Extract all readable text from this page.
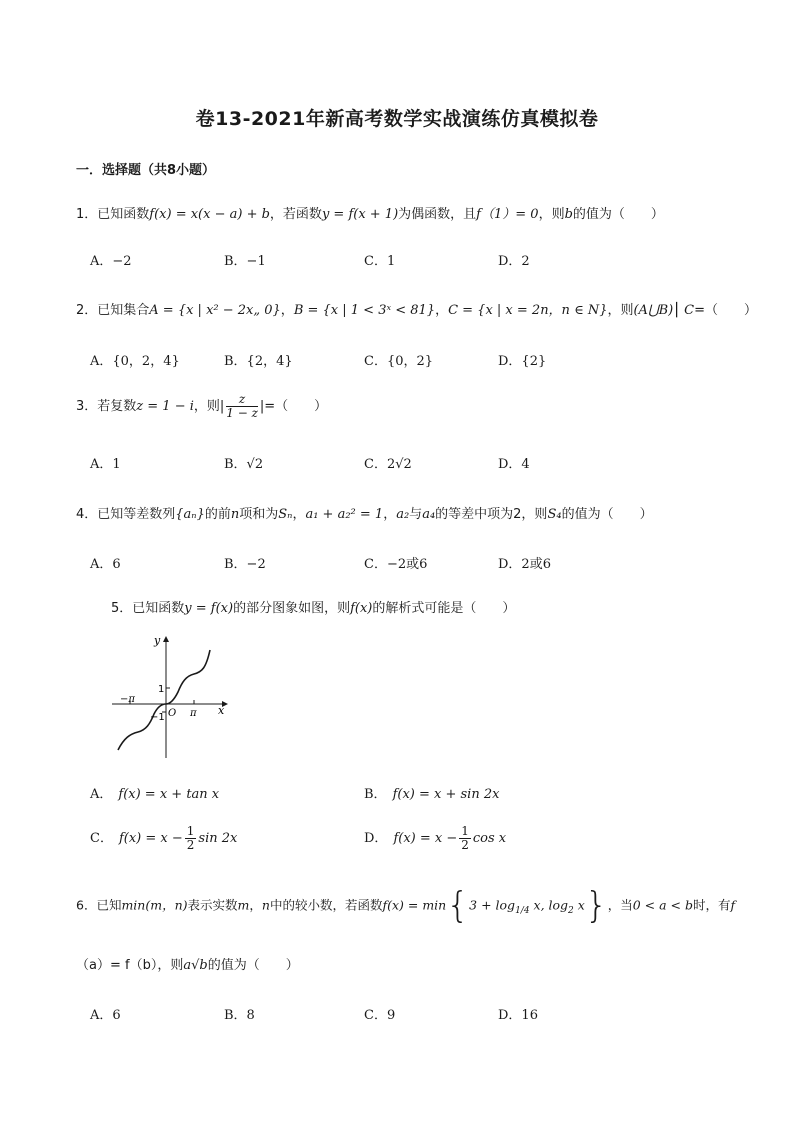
卷13-2021年新高考数学实战演练仿真模拟卷
一．选择题（共8小题）
1．已知函数f(x) = x(x − a) + b，若函数y = f(x + 1)为偶函数，且f（1）= 0，则b的值为（　　）
A．−2	B．−1	C．1	D．2
2．已知集合A = {x | x² − 2x„ 0}，B = {x | 1 < 3ˣ < 81}，C = {x | x = 2n，n ∈ N}，则(A⋃B)⎮ C=（　　）
A．{0，2，4}	B．{2，4}	C．{0，2}	D．{2}
3．若复数z = 1 − i，则| $\frac{z}{1 - z}$ |=（　　）
A．1	B．√2	C．2√2	D．4
4．已知等差数列{aₙ}的前n项和为Sₙ，a₁ + a₂² = 1，a₂与a₄的等差中项为2，则S₄的值为（　　）
A．6	B．−2	C．−2或6	D．2或6
5．已知函数y = f(x)的部分图象如图，则f(x)的解析式可能是（　　）
y
x
1
−1 O π
−π
A． f(x) = x + tan x	B． f(x) = x + sin 2x
C． $f(x) = x - \frac{1}{2}$ sin 2x	D． $f(x) = x - \frac{1}{2}$ cos x
6．已知min(m，n)表示实数m，n中的较小数，若函数$f(x) = \min\{3 + \log_{1/4} x$, $\log_2 x$}，当0 < a < b时，有f
（a）= f（b），则a√b的值为（　　）
A．6	B．8	C．9	D．16
